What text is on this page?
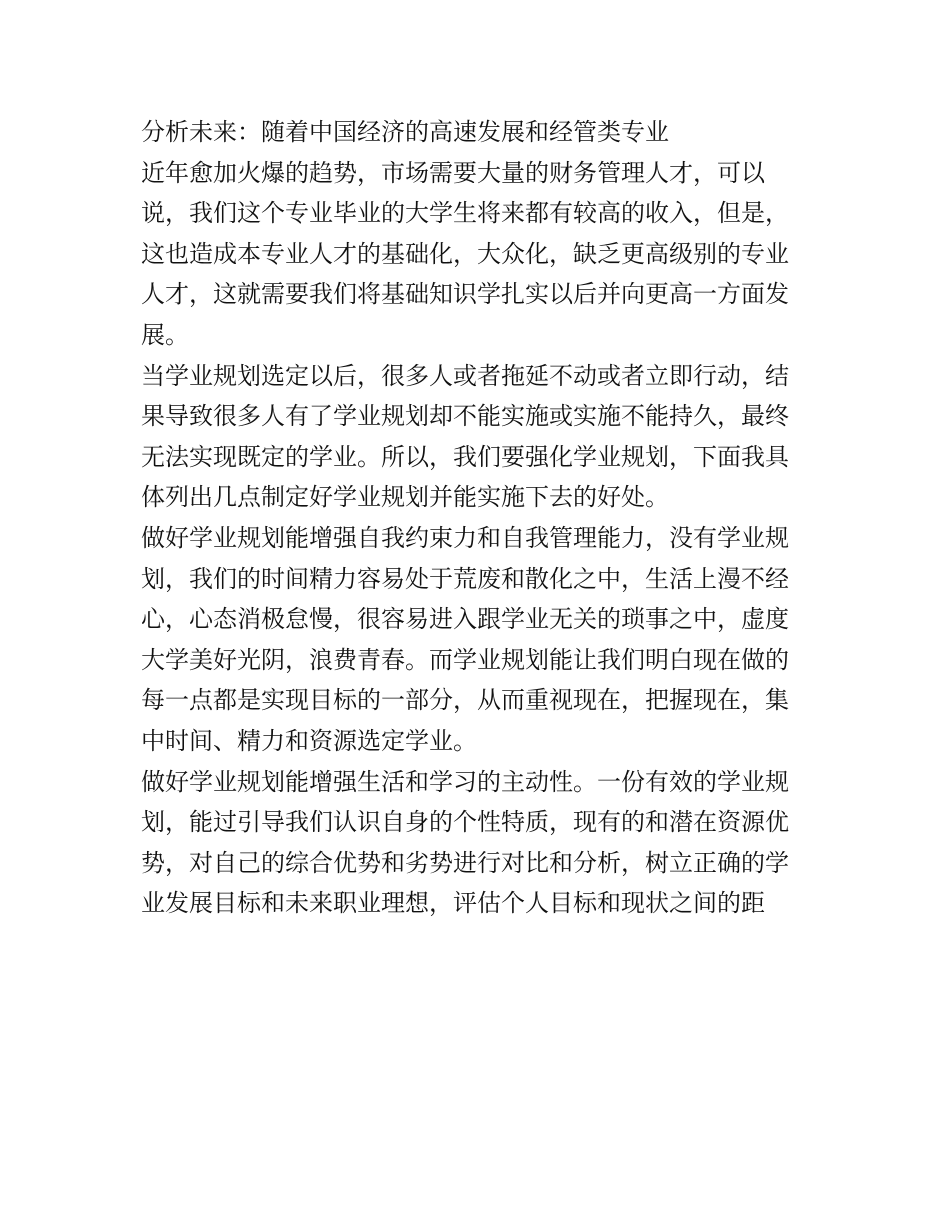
分析未来：随着中国经济的高速发展和经管类专业
近年愈加火爆的趋势，市场需要大量的财务管理人才，可以
说，我们这个专业毕业的大学生将来都有较高的收入，但是，
这也造成本专业人才的基础化，大众化，缺乏更高级别的专业
人才，这就需要我们将基础知识学扎实以后并向更高一方面发
展。
当学业规划选定以后，很多人或者拖延不动或者立即行动，结
果导致很多人有了学业规划却不能实施或实施不能持久，最终
无法实现既定的学业。所以，我们要强化学业规划，下面我具
体列出几点制定好学业规划并能实施下去的好处。
做好学业规划能增强自我约束力和自我管理能力，没有学业规
划，我们的时间精力容易处于荒废和散化之中，生活上漫不经
心，心态消极怠慢，很容易进入跟学业无关的琐事之中，虚度
大学美好光阴，浪费青春。而学业规划能让我们明白现在做的
每一点都是实现目标的一部分，从而重视现在，把握现在，集
中时间、精力和资源选定学业。
做好学业规划能增强生活和学习的主动性。一份有效的学业规
划，能过引导我们认识自身的个性特质，现有的和潜在资源优
势，对自己的综合优势和劣势进行对比和分析，树立正确的学
业发展目标和未来职业理想，评估个人目标和现状之间的距
